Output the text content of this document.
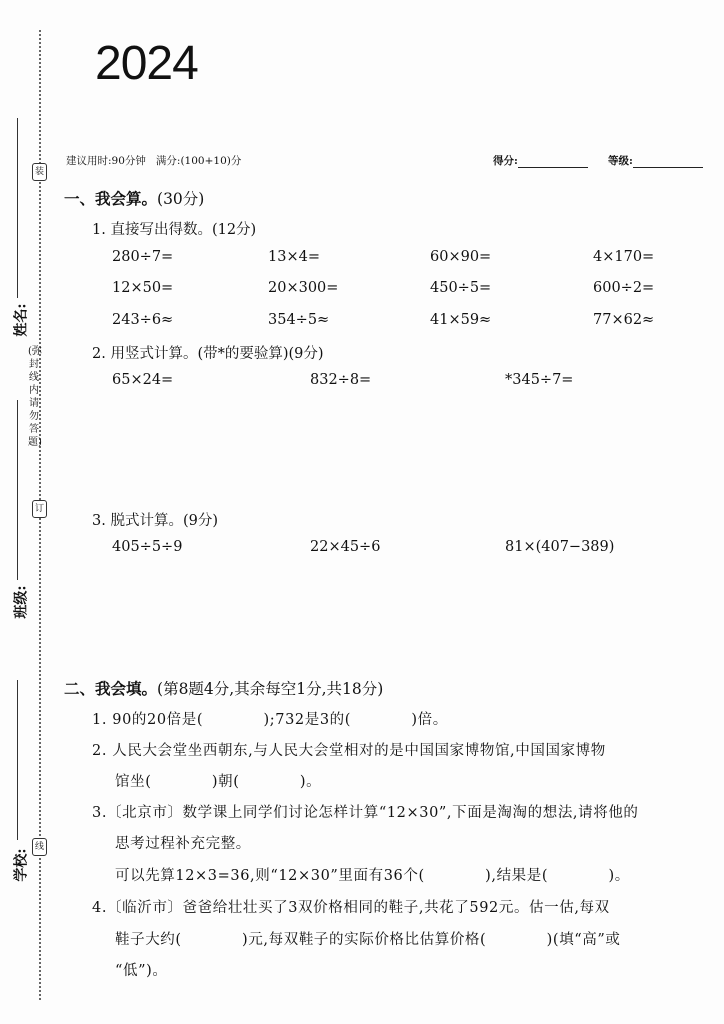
2024
姓名:
班级:
学校:
装
订
线
(弥封线内请勿答题)
建议用时:90分钟 满分:(100+10)分	得分:	等级:
一、我会算。(30分)
1. 直接写出得数。(12分)
280÷7=	13×4=	60×90=	4×170=
12×50=	20×300=	450÷5=	600÷2=
243÷6≈	354÷5≈	41×59≈	77×62≈
2. 用竖式计算。(带*的要验算)(9分)
65×24=	832÷8=	*345÷7=
3. 脱式计算。(9分)
405÷5÷9	22×45÷6	81×(407−389)
二、我会填。(第8题4分,其余每空1分,共18分)
1. 90的20倍是(　　　　);732是3的(　　　　)倍。
2. 人民大会堂坐西朝东,与人民大会堂相对的是中国国家博物馆,中国国家博物
馆坐(　　　　)朝(　　　　)。
3.〔北京市〕数学课上同学们讨论怎样计算“12×30”,下面是淘淘的想法,请将他的
思考过程补充完整。
可以先算12×3=36,则“12×30”里面有36个(　　　　),结果是(　　　　)。
4.〔临沂市〕爸爸给壮壮买了3双价格相同的鞋子,共花了592元。估一估,每双
鞋子大约(　　　　)元,每双鞋子的实际价格比估算价格(　　　　)(填“高”或
“低”)。
